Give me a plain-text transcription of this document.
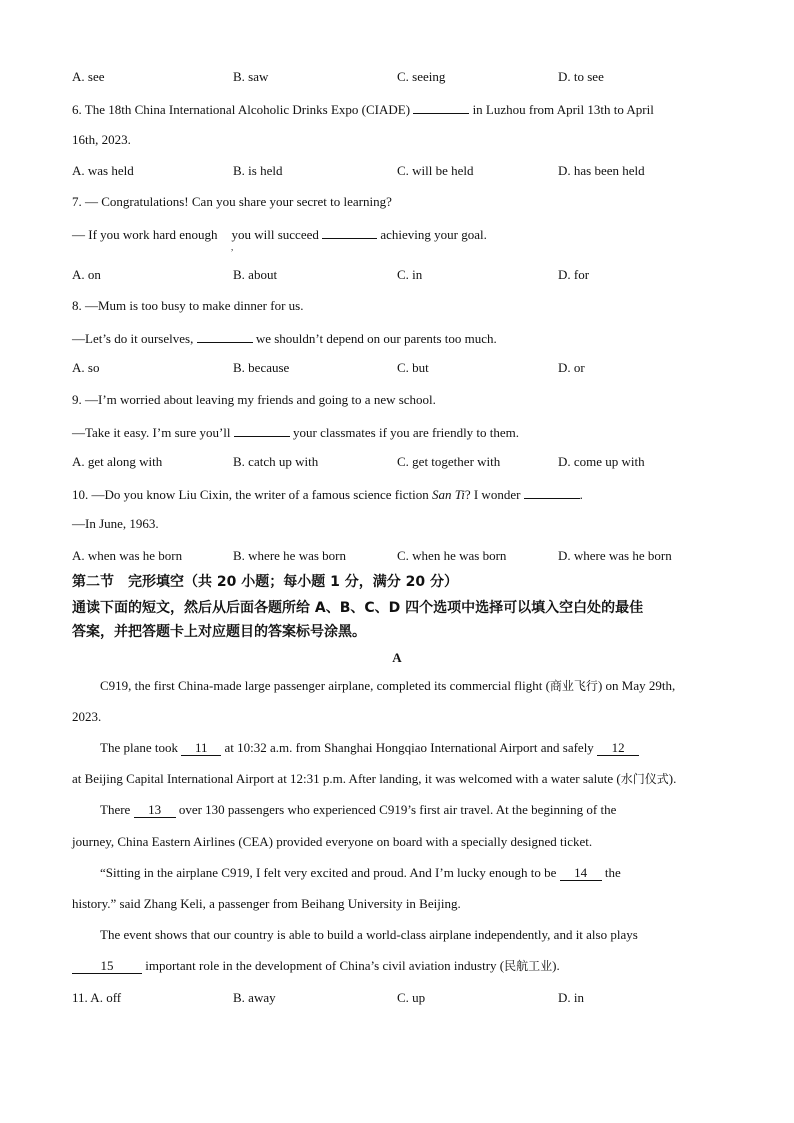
A. see	B. saw	C. seeing	D. to see
6. The 18th China International Alcoholic Drinks Expo (CIADE)	in Luzhou from April 13th to April
16th, 2023.
A. was held	B. is held	C. will be held	D. has been held
7. — Congratulations! Can you share your secret to learning?
— If you work hard enough you will succeed	achieving your goal.
,
A. on	B. about	C. in	D. for
8. —Mum is too busy to make dinner for us.
—Let’s do it ourselves,	we shouldn’t depend on our parents too much.
A. so	B. because	C. but	D. or
9. —I’m worried about leaving my friends and going to a new school.
—Take it easy. I’m sure you’ll	your classmates if you are friendly to them.
A. get along with	B. catch up with	C. get together with	D. come up with
10. —Do you know Liu Cixin, the writer of a famous science fiction San Ti? I wonder	.
—In June, 1963.
A. when was he born	B. where he was born	C. when he was born	D. where was he born
第二节　完形填空（共 20 小题；每小题 1 分，满分 20 分）
通读下面的短文，然后从后面各题所给 A、B、C、D 四个选项中选择可以填入空白处的最佳
答案，并把答题卡上对应题目的答案标号涂黑。
A
C919, the first China-made large passenger airplane, completed its commercial flight (商业飞行) on May 29th,
2023.
The plane took 11 at 10:32 a.m. from Shanghai Hongqiao International Airport and safely 12
at Beijing Capital International Airport at 12:31 p.m. After landing, it was welcomed with a water salute (水门仪式).
There 13 over 130 passengers who experienced C919’s first air travel. At the beginning of the
journey, China Eastern Airlines (CEA) provided everyone on board with a specially designed ticket.
“Sitting in the airplane C919, I felt very excited and proud. And I’m lucky enough to be 14 the
history.” said Zhang Keli, a passenger from Beihang University in Beijing.
The event shows that our country is able to build a world-class airplane independently, and it also plays
15 important role in the development of China’s civil aviation industry (民航工业).
11. A. off	B. away	C. up	D. in
